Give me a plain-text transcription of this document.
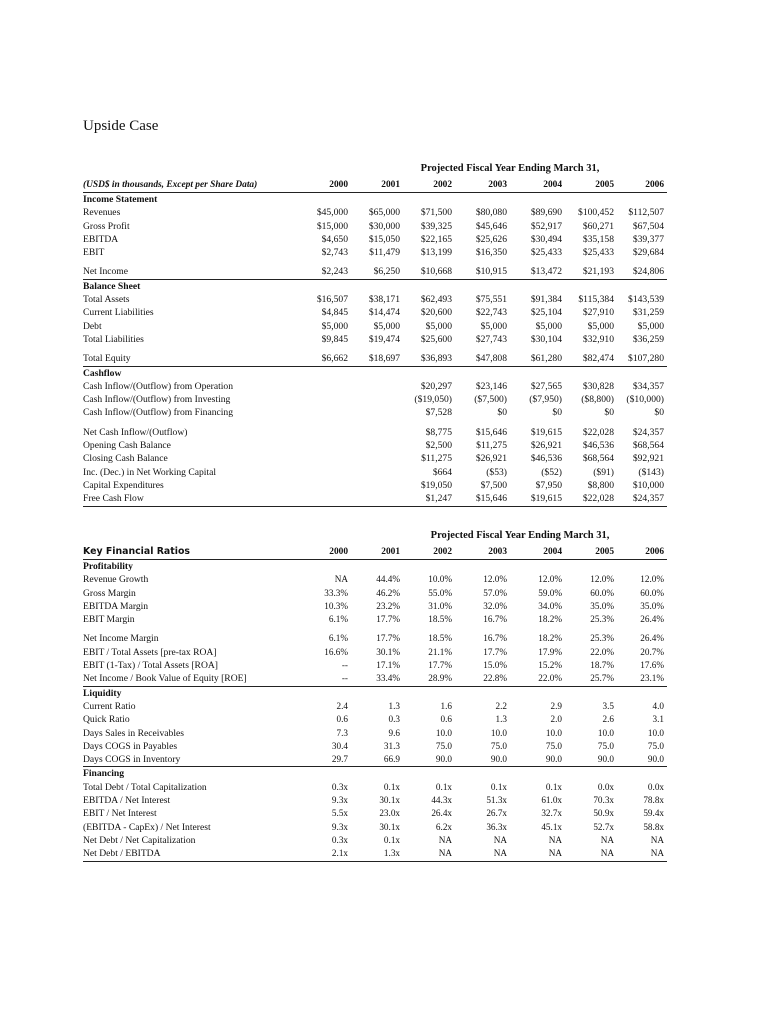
Upside Case
Projected Fiscal Year Ending March 31,
Projected Fiscal Year Ending March 31,
(USD$ in thousands, Except per Share Data)	2000	2001	2002	2003	2004	2005	2006
Income Statement							
Revenues	$45,000	$65,000	$71,500	$80,080	$89,690	$100,452	$112,507
Gross Profit	$15,000	$30,000	$39,325	$45,646	$52,917	$60,271	$67,504
EBITDA	$4,650	$15,050	$22,165	$25,626	$30,494	$35,158	$39,377
EBIT	$2,743	$11,479	$13,199	$16,350	$25,433	$25,433	$29,684

Net Income	$2,243	$6,250	$10,668	$10,915	$13,472	$21,193	$24,806
Balance Sheet							
Total Assets	$16,507	$38,171	$62,493	$75,551	$91,384	$115,384	$143,539
Current Liabilities	$4,845	$14,474	$20,600	$22,743	$25,104	$27,910	$31,259
Debt	$5,000	$5,000	$5,000	$5,000	$5,000	$5,000	$5,000
Total Liabilities	$9,845	$19,474	$25,600	$27,743	$30,104	$32,910	$36,259

Total Equity	$6,662	$18,697	$36,893	$47,808	$61,280	$82,474	$107,280
Cashflow							
Cash Inflow/(Outflow) from Operation			$20,297	$23,146	$27,565	$30,828	$34,357
Cash Inflow/(Outflow) from Investing			($19,050)	($7,500)	($7,950)	($8,800)	($10,000)
Cash Inflow/(Outflow) from Financing			$7,528	$0	$0	$0	$0

Net Cash Inflow/(Outflow)			$8,775	$15,646	$19,615	$22,028	$24,357
Opening Cash Balance			$2,500	$11,275	$26,921	$46,536	$68,564
Closing Cash Balance			$11,275	$26,921	$46,536	$68,564	$92,921
Inc. (Dec.) in Net Working Capital			$664	($53)	($52)	($91)	($143)
Capital Expenditures			$19,050	$7,500	$7,950	$8,800	$10,000
Free Cash Flow			$1,247	$15,646	$19,615	$22,028	$24,357
Key Financial Ratios	2000	2001	2002	2003	2004	2005	2006
Profitability							
Revenue Growth	NA	44.4%	10.0%	12.0%	12.0%	12.0%	12.0%
Gross Margin	33.3%	46.2%	55.0%	57.0%	59.0%	60.0%	60.0%
EBITDA Margin	10.3%	23.2%	31.0%	32.0%	34.0%	35.0%	35.0%
EBIT Margin	6.1%	17.7%	18.5%	16.7%	18.2%	25.3%	26.4%

Net Income Margin	6.1%	17.7%	18.5%	16.7%	18.2%	25.3%	26.4%
EBIT / Total Assets [pre-tax ROA]	16.6%	30.1%	21.1%	17.7%	17.9%	22.0%	20.7%
EBIT (1-Tax) / Total Assets [ROA]	--	17.1%	17.7%	15.0%	15.2%	18.7%	17.6%
Net Income / Book Value of Equity [ROE]	--	33.4%	28.9%	22.8%	22.0%	25.7%	23.1%
Liquidity							
Current Ratio	2.4	1.3	1.6	2.2	2.9	3.5	4.0
Quick Ratio	0.6	0.3	0.6	1.3	2.0	2.6	3.1
Days Sales in Receivables	7.3	9.6	10.0	10.0	10.0	10.0	10.0
Days COGS in Payables	30.4	31.3	75.0	75.0	75.0	75.0	75.0
Days COGS in Inventory	29.7	66.9	90.0	90.0	90.0	90.0	90.0
Financing							
Total Debt / Total Capitalization	0.3x	0.1x	0.1x	0.1x	0.1x	0.0x	0.0x
EBITDA / Net Interest	9.3x	30.1x	44.3x	51.3x	61.0x	70.3x	78.8x
EBIT / Net Interest	5.5x	23.0x	26.4x	26.7x	32.7x	50.9x	59.4x
(EBITDA - CapEx) / Net Interest	9.3x	30.1x	6.2x	36.3x	45.1x	52.7x	58.8x
Net Debt / Net Capitalization	0.3x	0.1x	NA	NA	NA	NA	NA
Net Debt / EBITDA	2.1x	1.3x	NA	NA	NA	NA	NA
